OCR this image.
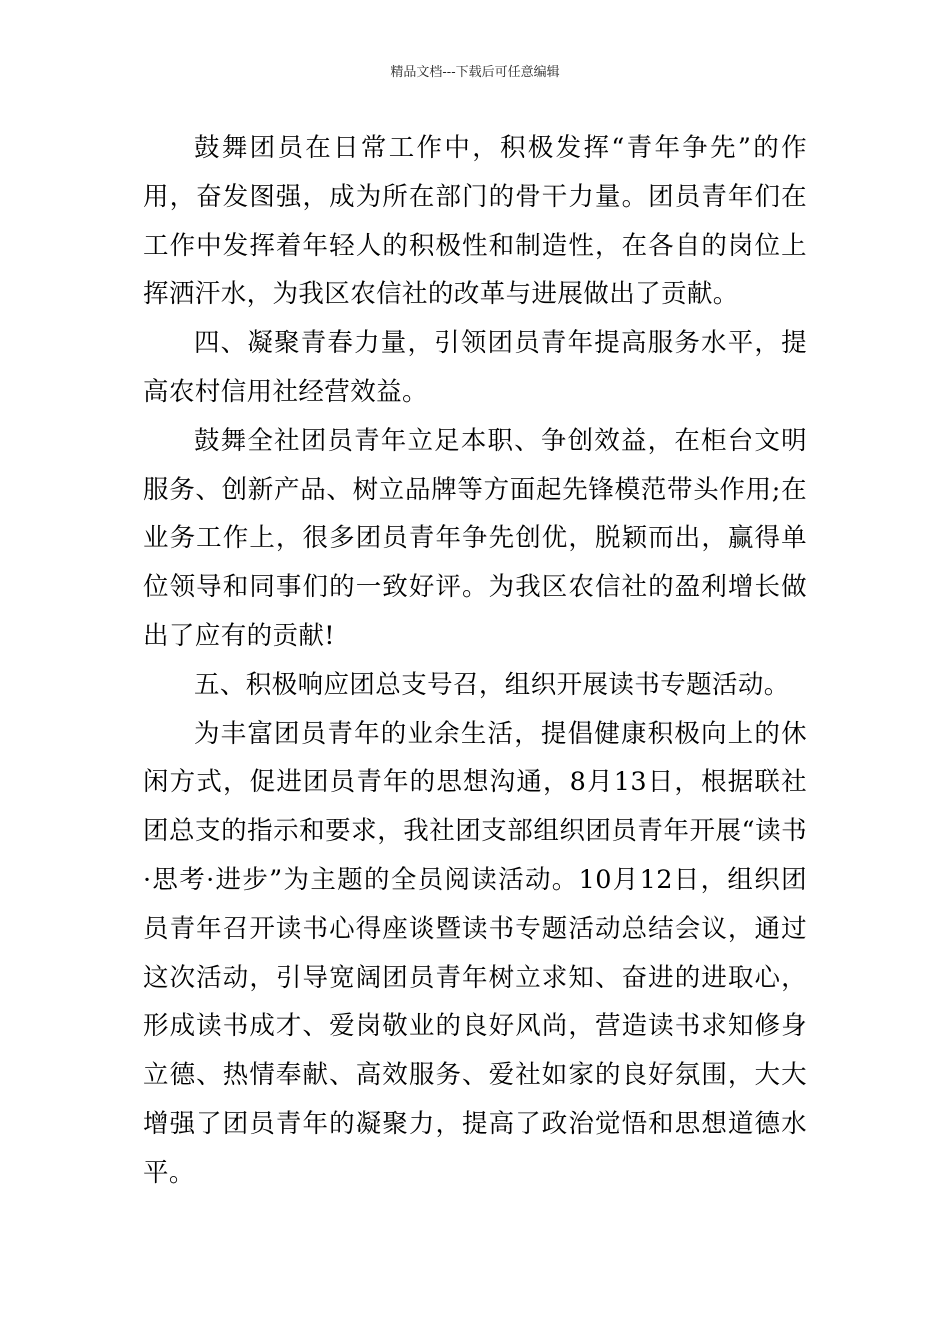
精品文档---下载后可任意编辑

鼓舞团员在日常工作中，积极发挥“青年争先”的作用，奋发图强，成为所在部门的骨干力量。团员青年们在工作中发挥着年轻人的积极性和制造性，在各自的岗位上挥洒汗水，为我区农信社的改革与进展做出了贡献。

四、凝聚青春力量，引领团员青年提高服务水平，提高农村信用社经营效益。

鼓舞全社团员青年立足本职、争创效益，在柜台文明服务、创新产品、树立品牌等方面起先锋模范带头作用;在业务工作上，很多团员青年争先创优，脱颖而出，赢得单位领导和同事们的一致好评。为我区农信社的盈利增长做出了应有的贡献!

五、积极响应团总支号召，组织开展读书专题活动。

为丰富团员青年的业余生活，提倡健康积极向上的休闲方式，促进团员青年的思想沟通，8月13日，根据联社团总支的指示和要求，我社团支部组织团员青年开展“读书·思考·进步”为主题的全员阅读活动。10月12日，组织团员青年召开读书心得座谈暨读书专题活动总结会议，通过这次活动，引导宽阔团员青年树立求知、奋进的进取心，形成读书成才、爱岗敬业的良好风尚，营造读书求知修身立德、热情奉献、高效服务、爱社如家的良好氛围，大大增强了团员青年的凝聚力，提高了政治觉悟和思想道德水平。
